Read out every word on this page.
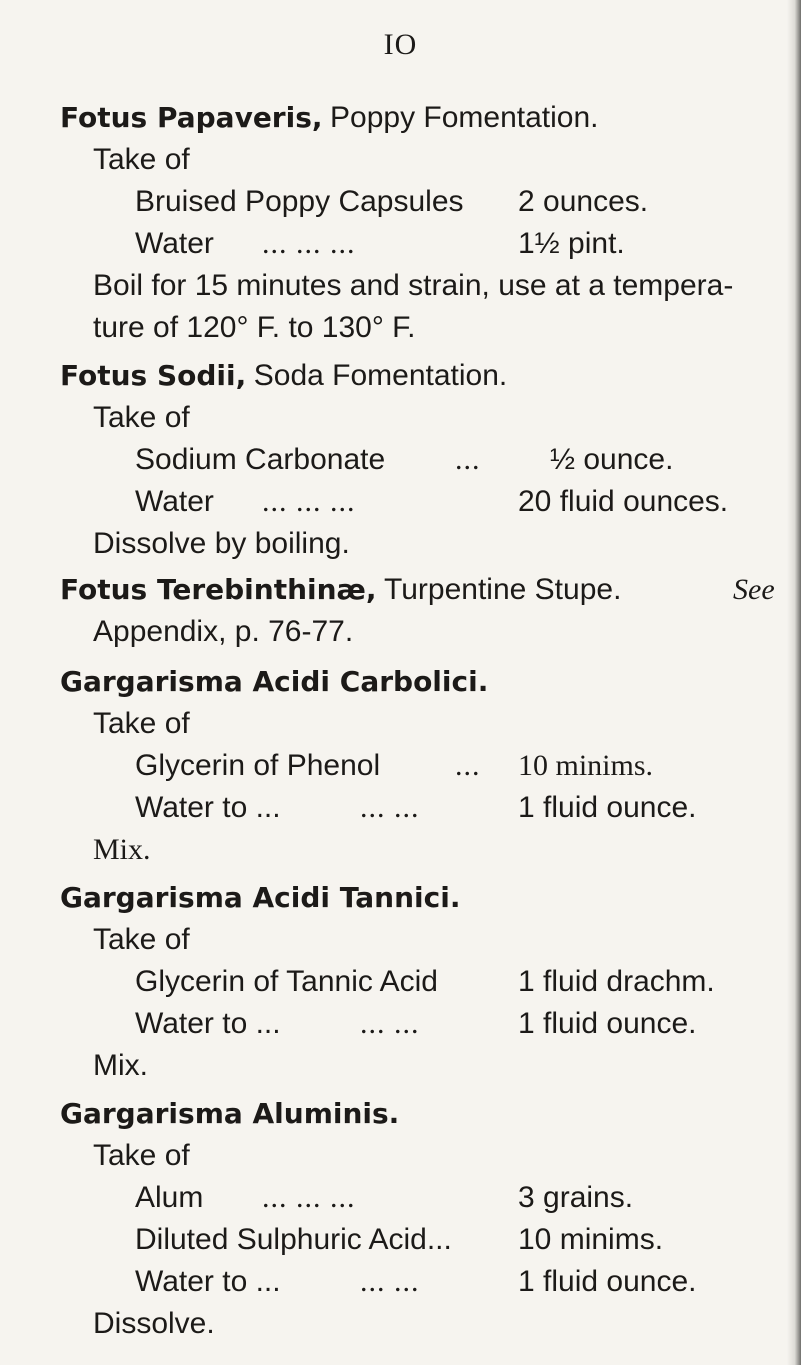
IO
Fotus Papaveris, Poppy Fomentation.
Take of
Bruised Poppy Capsules 2 ounces.
Water ... ... ...	1½ pint.
Boil for 15 minutes and strain, use at a tempera-
ture of 120° F. to 130° F.
Fotus Sodii, Soda Fomentation.
Take of
Sodium Carbonate ... ½ ounce.
Water ... ... ...	20 fluid ounces.
Dissolve by boiling.
Fotus Terebinthinæ, Turpentine Stupe.	See
Appendix, p. 76-77.
Gargarisma Acidi Carbolici.
Take of
Glycerin of Phenol ... 10 minims.
Water to ...	... ...	1 fluid ounce.
Mix.
Gargarisma Acidi Tannici.
Take of
Glycerin of Tannic Acid	1 fluid drachm.
Water to ...	... ...	1 fluid ounce.
Mix.
Gargarisma Aluminis.
Take of
Alum ... ... ...	3 grains.
Diluted Sulphuric Acid... 10 minims.
Water to ...	... ...	1 fluid ounce.
Dissolve.
